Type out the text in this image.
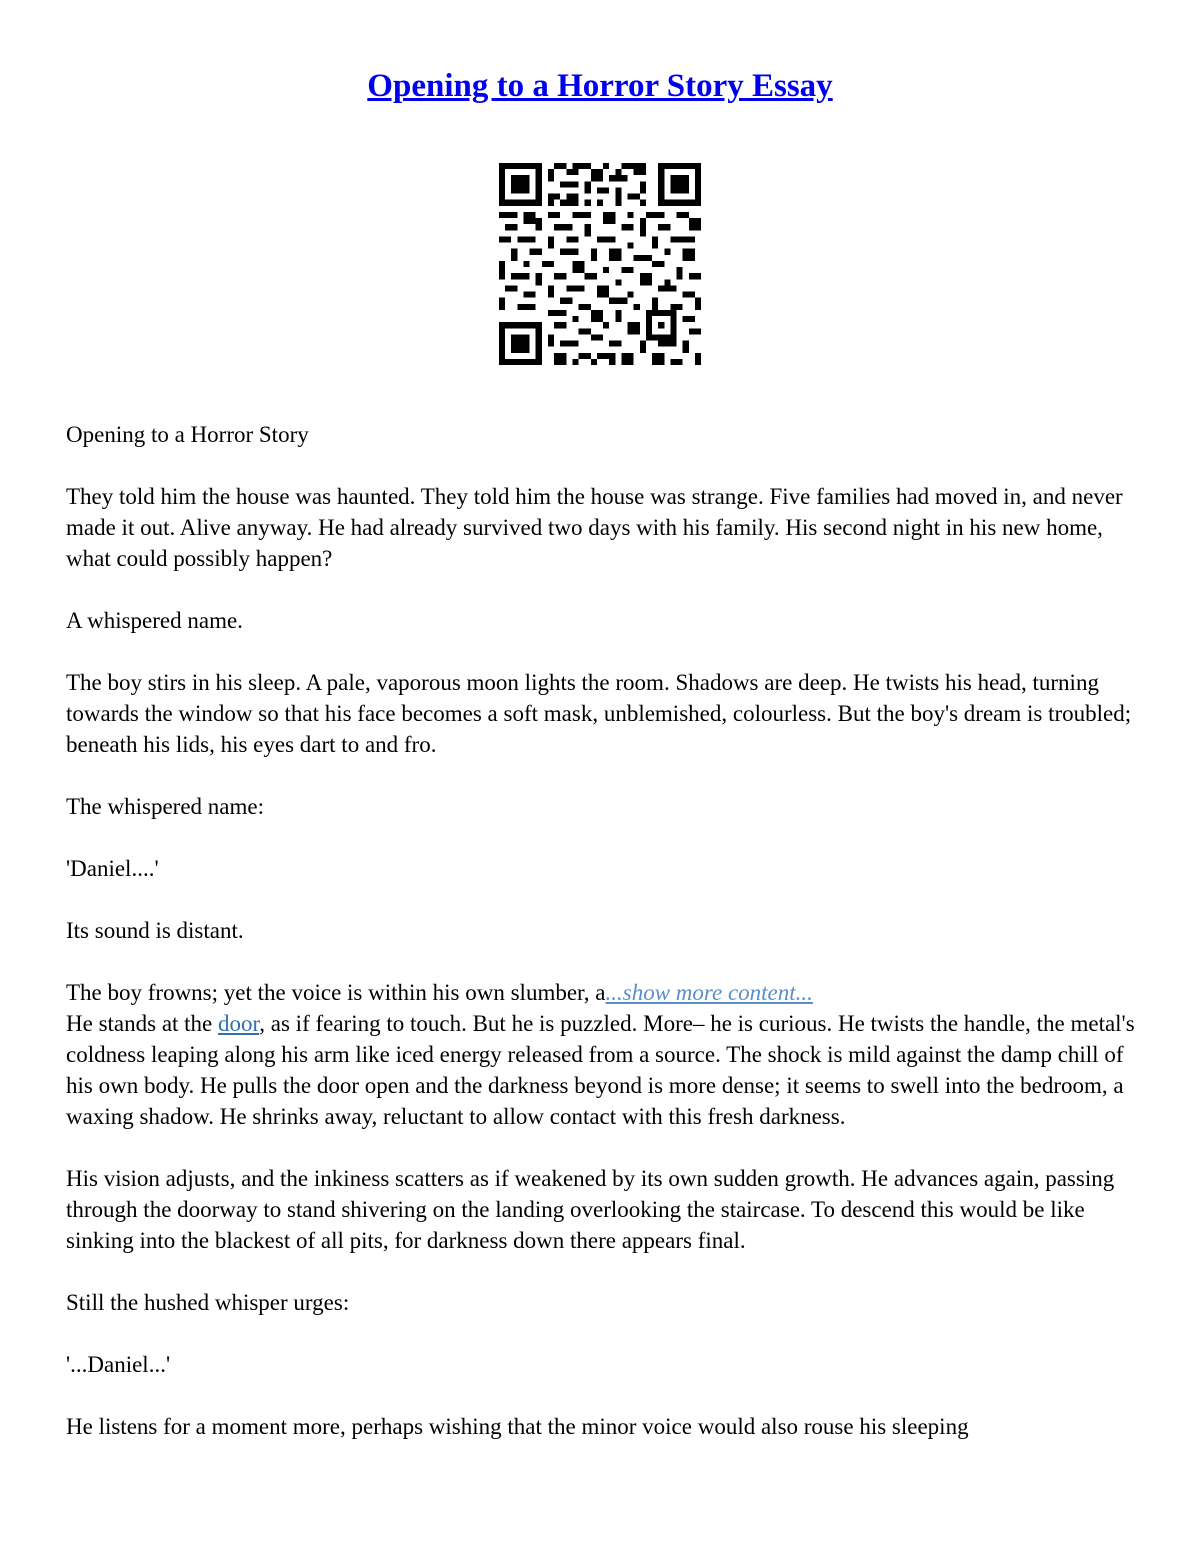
Opening to a Horror Story Essay

Opening to a Horror Story

They told him the house was haunted. They told him the house was strange. Five families had moved in, and never made it out. Alive anyway. He had already survived two days with his family. His second night in his new home, what could possibly happen?

A whispered name.

The boy stirs in his sleep. A pale, vaporous moon lights the room. Shadows are deep. He twists his head, turning towards the window so that his face becomes a soft mask, unblemished, colourless. But the boy's dream is troubled; beneath his lids, his eyes dart to and fro.

The whispered name:

'Daniel....'

Its sound is distant.

The boy frowns; yet the voice is within his own slumber, a...show more content...

He stands at the door, as if fearing to touch. But he is puzzled. More– he is curious. He twists the handle, the metal's coldness leaping along his arm like iced energy released from a source. The shock is mild against the damp chill of his own body. He pulls the door open and the darkness beyond is more dense; it seems to swell into the bedroom, a waxing shadow. He shrinks away, reluctant to allow contact with this fresh darkness.

His vision adjusts, and the inkiness scatters as if weakened by its own sudden growth. He advances again, passing through the doorway to stand shivering on the landing overlooking the staircase. To descend this would be like sinking into the blackest of all pits, for darkness down there appears final.

Still the hushed whisper urges:

'...Daniel...'

He listens for a moment more, perhaps wishing that the minor voice would also rouse his sleeping
